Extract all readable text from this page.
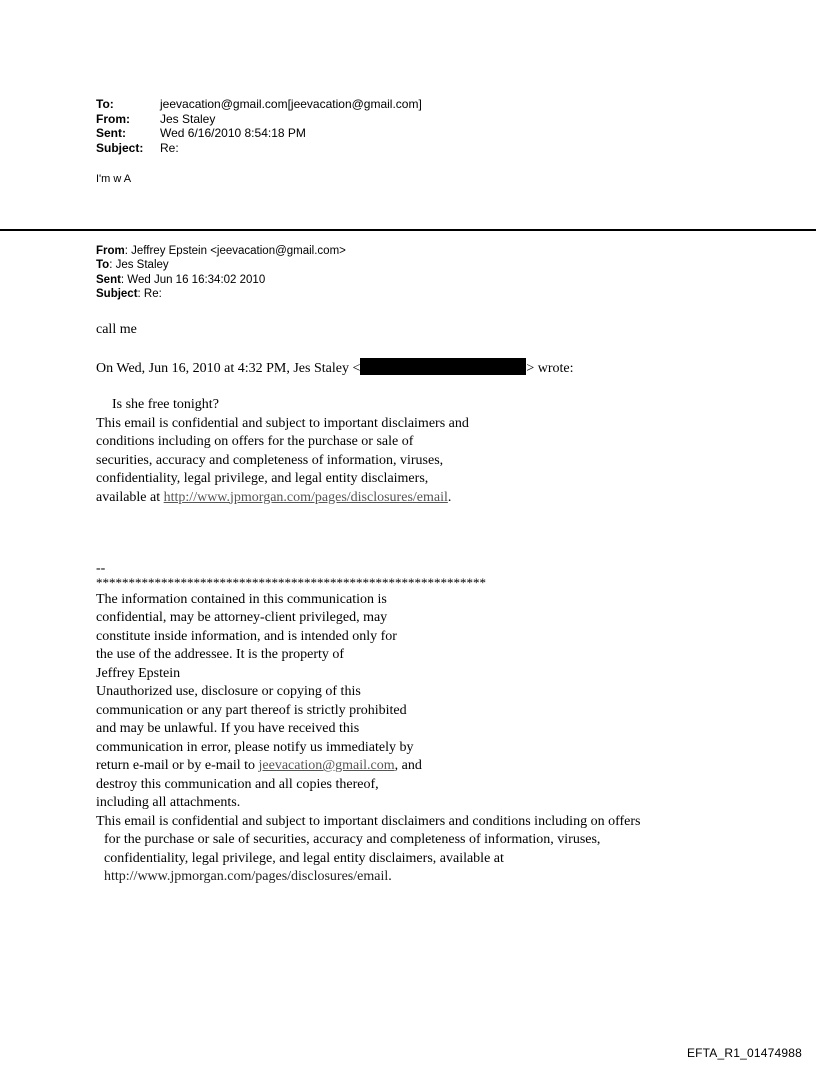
To:	jeevacation@gmail.com[jeevacation@gmail.com]
From:	Jes Staley
Sent:	Wed 6/16/2010 8:54:18 PM
Subject:	Re:
I'm w A
From: Jeffrey Epstein <jeevacation@gmail.com>
To: Jes Staley
Sent: Wed Jun 16 16:34:02 2010
Subject: Re:
call me
On Wed, Jun 16, 2010 at 4:32 PM, Jes Staley <	> wrote:
Is she free tonight?
This email is confidential and subject to important disclaimers and
conditions including on offers for the purchase or sale of
securities, accuracy and completeness of information, viruses,
confidentiality, legal privilege, and legal entity disclaimers,
available at http://www.jpmorgan.com/pages/disclosures/email.
--
************************************************************
The information contained in this communication is
confidential, may be attorney-client privileged, may
constitute inside information, and is intended only for
the use of the addressee. It is the property of
Jeffrey Epstein
Unauthorized use, disclosure or copying of this
communication or any part thereof is strictly prohibited
and may be unlawful. If you have received this
communication in error, please notify us immediately by
return e-mail or by e-mail to jeevacation@gmail.com, and
destroy this communication and all copies thereof,
including all attachments.
This email is confidential and subject to important disclaimers and conditions including on offers
for the purchase or sale of securities, accuracy and completeness of information, viruses,
confidentiality, legal privilege, and legal entity disclaimers, available at
http://www.jpmorgan.com/pages/disclosures/email.
EFTA_R1_01474988
